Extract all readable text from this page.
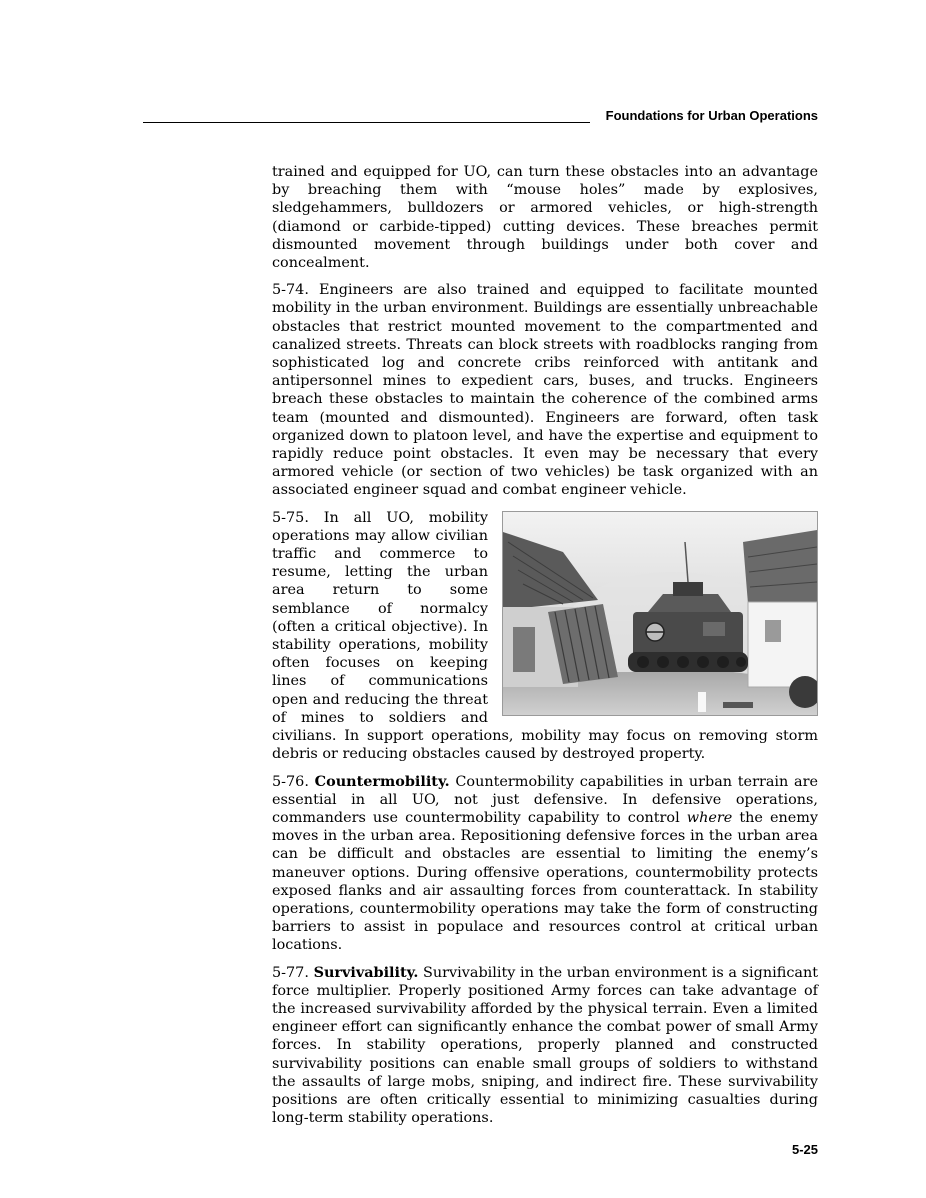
Foundations for Urban Operations

trained and equipped for UO, can turn these obstacles into an advantage by breaching them with “mouse holes” made by explosives, sledgehammers, bulldozers or armored vehicles, or high-strength (diamond or carbide-tipped) cutting devices. These breaches permit dismounted movement through buildings under both cover and concealment.

5-74. Engineers are also trained and equipped to facilitate mounted mobility in the urban environment. Buildings are essentially unbreachable obstacles that restrict mounted movement to the compartmented and canalized streets. Threats can block streets with roadblocks ranging from sophisticated log and concrete cribs reinforced with antitank and antipersonnel mines to expedient cars, buses, and trucks. Engineers breach these obstacles to maintain the coherence of the combined arms team (mounted and dismounted). Engineers are forward, often task organized down to platoon level, and have the expertise and equipment to rapidly reduce point obstacles. It even may be necessary that every armored vehicle (or section of two vehicles) be task organized with an associated engineer squad and combat engineer vehicle.

5-75. In all UO, mobility operations may allow civilian traffic and commerce to resume, letting the urban area return to some semblance of normalcy (often a critical objective). In stability operations, mobility often focuses on keeping lines of communications open and reducing the threat of mines to soldiers and civilians. In support operations, mobility may focus on removing storm debris or reducing obstacles caused by destroyed property.

5-76. Countermobility. Countermobility capabilities in urban terrain are essential in all UO, not just defensive. In defensive operations, commanders use countermobility capability to control where the enemy moves in the urban area. Repositioning defensive forces in the urban area can be difficult and obstacles are essential to limiting the enemy’s maneuver options. During offensive operations, countermobility protects exposed flanks and air assaulting forces from counterattack. In stability operations, countermobility operations may take the form of constructing barriers to assist in populace and resources control at critical urban locations.

5-77. Survivability. Survivability in the urban environment is a significant force multiplier. Properly positioned Army forces can take advantage of the increased survivability afforded by the physical terrain. Even a limited engineer effort can significantly enhance the combat power of small Army forces. In stability operations, properly planned and constructed survivability positions can enable small groups of soldiers to withstand the assaults of large mobs, sniping, and indirect fire. These survivability positions are often critically essential to minimizing casualties during long-term stability operations.

5-25
